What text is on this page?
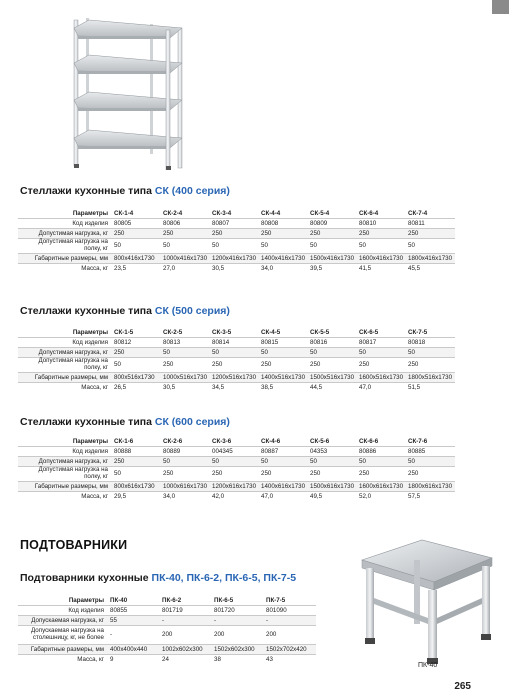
Стеллажи кухонные типа СК (400 серия)
Параметры	СК-1-4	СК-2-4	СК-3-4	СК-4-4	СК-5-4	СК-6-4	СК-7-4
Код изделия	80805	80806	80807	80808	80809	80810	80811
Допустимая нагрузка, кг	250	250	250	250	250	250	250
Допустимая нагрузка на полку, кг	50	50	50	50	50	50	50
Габаритные размеры, мм	800x416x1730	1000x416x1730	1200x416x1730	1400x416x1730	1500x416x1730	1600x416x1730	1800x416x1730
Масса, кг	23,5	27,0	30,5	34,0	39,5	41,5	45,5
Стеллажи кухонные типа СК (500 серия)
Параметры	СК-1-5	СК-2-5	СК-3-5	СК-4-5	СК-5-5	СК-6-5	СК-7-5
Код изделия	80812	80813	80814	80815	80816	80817	80818
Допустимая нагрузка, кг	250	50	50	50	50	50	50
Допустимая нагрузка на полку, кг	50	250	250	250	250	250	250
Габаритные размеры, мм	800x516x1730	1000x516x1730	1200x516x1730	1400x516x1730	1500x516x1730	1600x516x1730	1800x516x1730
Масса, кг	26,5	30,5	34,5	38,5	44,5	47,0	51,5
Стеллажи кухонные типа СК (600 серия)
Параметры	СК-1-6	СК-2-6	СК-3-6	СК-4-6	СК-5-6	СК-6-6	СК-7-6
Код изделия	80888	80889	004345	80887	04353	80886	80885
Допустимая нагрузка, кг	250	50	50	50	50	50	50
Допустимая нагрузка на полку, кг	50	250	250	250	250	250	250
Габаритные размеры, мм	800x616x1730	1000x616x1730	1200x616x1730	1400x616x1730	1500x616x1730	1600x616x1730	1800x616x1730
Масса, кг	29,5	34,0	42,0	47,0	49,5	52,0	57,5
ПОДТОВАРНИКИ
Подтоварники кухонные ПК-40, ПК-6-2, ПК-6-5, ПК-7-5
Параметры	ПК-40	ПК-6-2	ПК-6-5	ПК-7-5
Код изделия	80855	801719	801720	801090
Допускаемая нагрузка, кг	55	-	-	-
Допускаемая нагрузка на столешницу, кг, не более	-	200	200	200
Габаритные размеры, мм	400x400x440	1002x602x300	1502x602x300	1502x702x420
Масса, кг	9	24	38	43
ПК-40
265
